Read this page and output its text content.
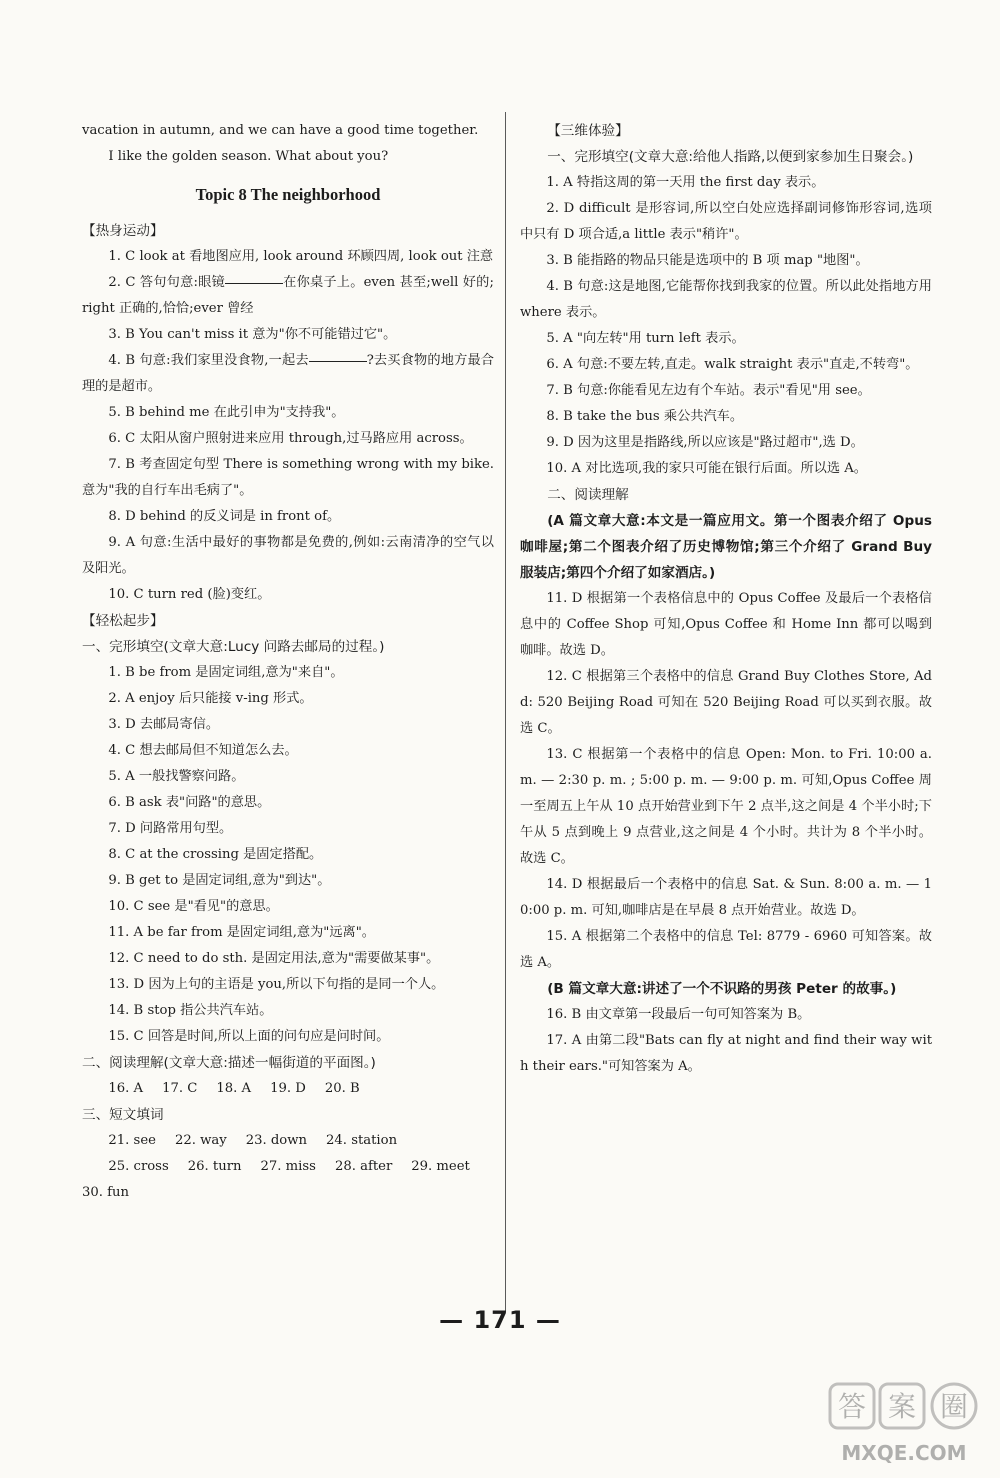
vacation in autumn, and we can have a good time together.

I like the golden season. What about you?

Topic 8 The neighborhood

【热身运动】

1. C look at 看地图应用, look around 环顾四周, look out 注意

2. C 答句句意:眼镜	在你桌子上。even 甚至;well 好的;right 正确的,恰恰;ever 曾经

3. B You can't miss it 意为"你不可能错过它"。

4. B 句意:我们家里没食物,一起去	?去买食物的地方最合理的是超市。

5. B behind me 在此引申为"支持我"。

6. C 太阳从窗户照射进来应用 through,过马路应用 across。

7. B 考查固定句型 There is something wrong with my bike. 意为"我的自行车出毛病了"。

8. D behind 的反义词是 in front of。

9. A 句意:生活中最好的事物都是免费的,例如:云南清净的空气以及阳光。

10. C turn red (脸)变红。

【轻松起步】

一、完形填空(文章大意:Lucy 问路去邮局的过程。)

1. B be from 是固定词组,意为"来自"。

2. A enjoy 后只能接 v-ing 形式。

3. D 去邮局寄信。

4. C 想去邮局但不知道怎么去。

5. A 一般找警察问路。

6. B ask 表"问路"的意思。

7. D 问路常用句型。

8. C at the crossing 是固定搭配。

9. B get to 是固定词组,意为"到达"。

10. C see 是"看见"的意思。

11. A be far from 是固定词组,意为"远离"。

12. C need to do sth. 是固定用法,意为"需要做某事"。

13. D 因为上句的主语是 you,所以下句指的是同一个人。

14. B stop 指公共汽车站。

15. C 回答是时间,所以上面的问句应是问时间。

二、阅读理解(文章大意:描述一幅街道的平面图。)

16. A 17. C 18. A 19. D 20. B

三、短文填词

21. see 22. way 23. down 24. station

25. cross 26. turn 27. miss 28. after 29. meet

30. fun

【三维体验】

一、完形填空(文章大意:给他人指路,以便到家参加生日聚会。)

1. A 特指这周的第一天用 the first day 表示。

2. D difficult 是形容词,所以空白处应选择副词修饰形容词,选项中只有 D 项合适,a little 表示"稍许"。

3. B 能指路的物品只能是选项中的 B 项 map "地图"。

4. B 句意:这是地图,它能帮你找到我家的位置。所以此处指地方用 where 表示。

5. A "向左转"用 turn left 表示。

6. A 句意:不要左转,直走。walk straight 表示"直走,不转弯"。

7. B 句意:你能看见左边有个车站。表示"看见"用 see。

8. B take the bus 乘公共汽车。

9. D 因为这里是指路线,所以应该是"路过超市",选 D。

10. A 对比选项,我的家只可能在银行后面。所以选 A。

二、阅读理解

(A 篇文章大意:本文是一篇应用文。第一个图表介绍了 Opus 咖啡屋;第二个图表介绍了历史博物馆;第三个介绍了 Grand Buy 服装店;第四个介绍了如家酒店。)

11. D 根据第一个表格信息中的 Opus Coffee 及最后一个表格信息中的 Coffee Shop 可知,Opus Coffee 和 Home Inn 都可以喝到咖啡。故选 D。

12. C 根据第三个表格中的信息 Grand Buy Clothes Store, Add: 520 Beijing Road 可知在 520 Beijing Road 可以买到衣服。故选 C。

13. C 根据第一个表格中的信息 Open: Mon. to Fri. 10:00 a. m. — 2:30 p. m. ; 5:00 p. m. — 9:00 p. m. 可知,Opus Coffee 周一至周五上午从 10 点开始营业到下午 2 点半,这之间是 4 个半小时;下午从 5 点到晚上 9 点营业,这之间是 4 个小时。共计为 8 个半小时。故选 C。

14. D 根据最后一个表格中的信息 Sat. & Sun. 8:00 a. m. — 10:00 p. m. 可知,咖啡店是在早晨 8 点开始营业。故选 D。

15. A 根据第二个表格中的信息 Tel: 8779 - 6960 可知答案。故选 A。

(B 篇文章大意:讲述了一个不识路的男孩 Peter 的故事。)

16. B 由文章第一段最后一句可知答案为 B。

17. A 由第二段"Bats can fly at night and find their way with their ears."可知答案为 A。

— 171 —
答 案 圈
MXQE.COM
